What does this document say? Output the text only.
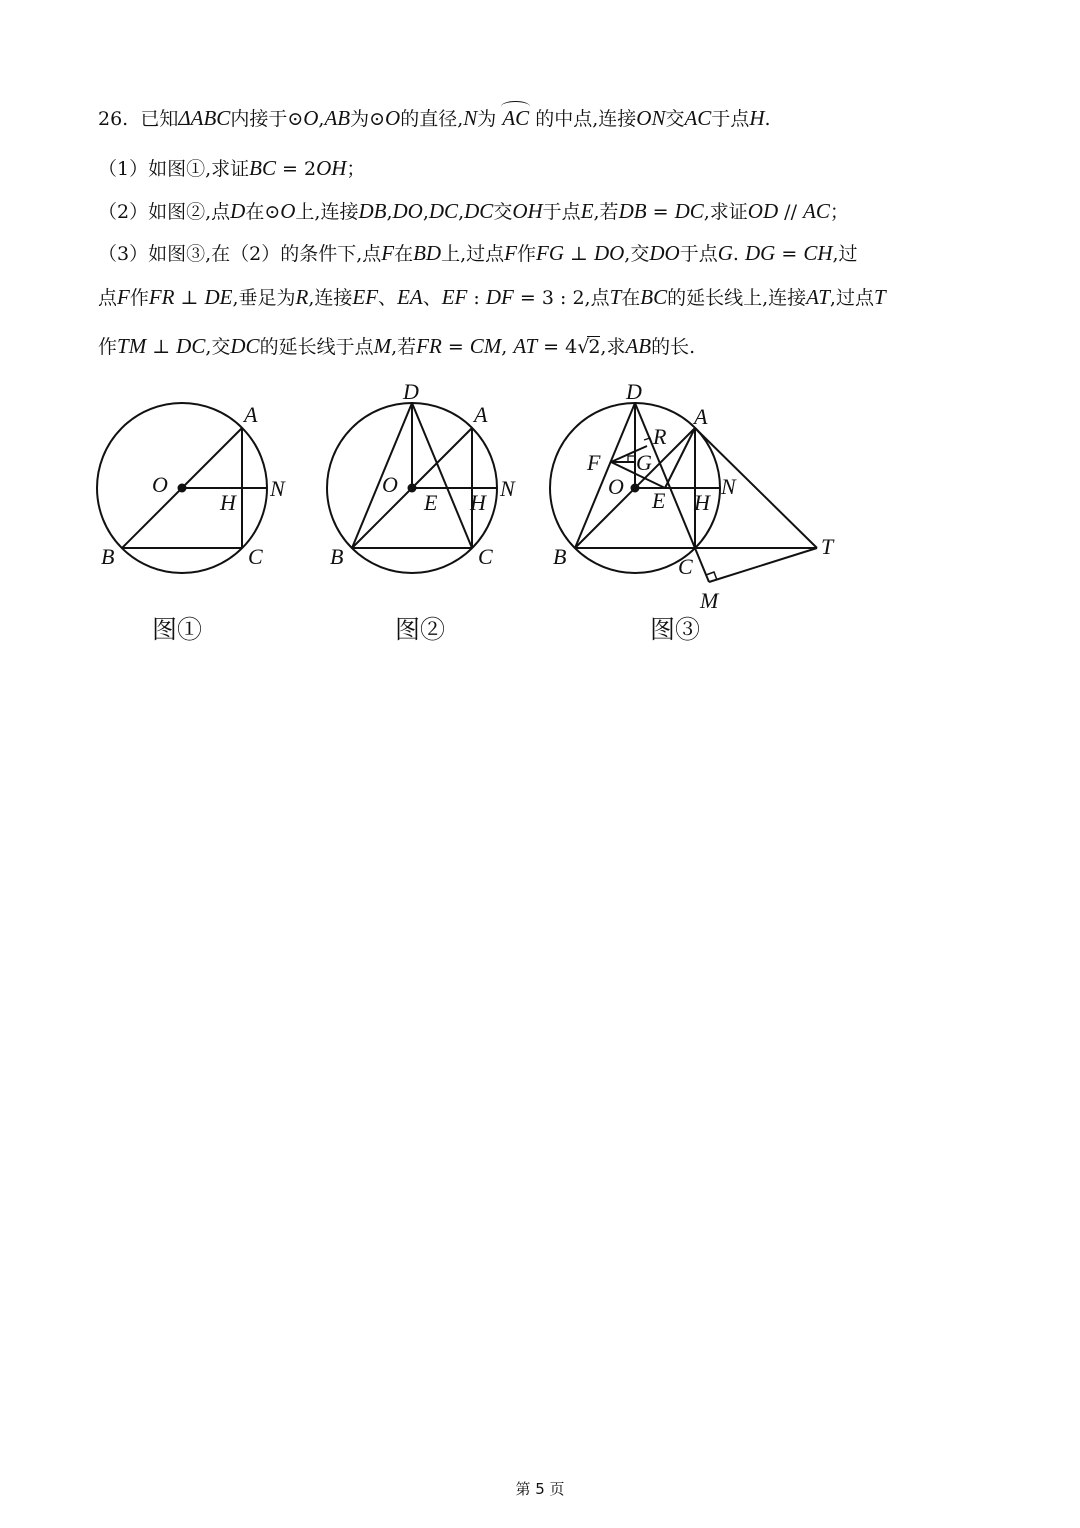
26. 已知ΔABC内接于⊙O,AB为⊙O的直径,N为 AC 的中点,连接ON交AC于点H.
（1）如图①,求证BC = 2OH；
（2）如图②,点D在⊙O上,连接DB,DO,DC,DC交OH于点E,若DB = DC,求证OD // AC；
（3）如图③,在（2）的条件下,点F在BD上,过点F作FG ⊥ DO,交DO于点G. DG = CH,过
点F作FR ⊥ DE,垂足为R,连接EF、EA、EF : DF = 3 : 2,点T在BC的延长线上,连接AT,过点T
作TM ⊥ DC,交DC的延长线于点M,若FR = CM, AT = 4√2,求AB的长.
A
O	N
H
B	C
图①
D
A
O
E H
N
B	C
图②
D
A
R
F G
O
E H
N
B	C
T
M
图③
第 5 页
